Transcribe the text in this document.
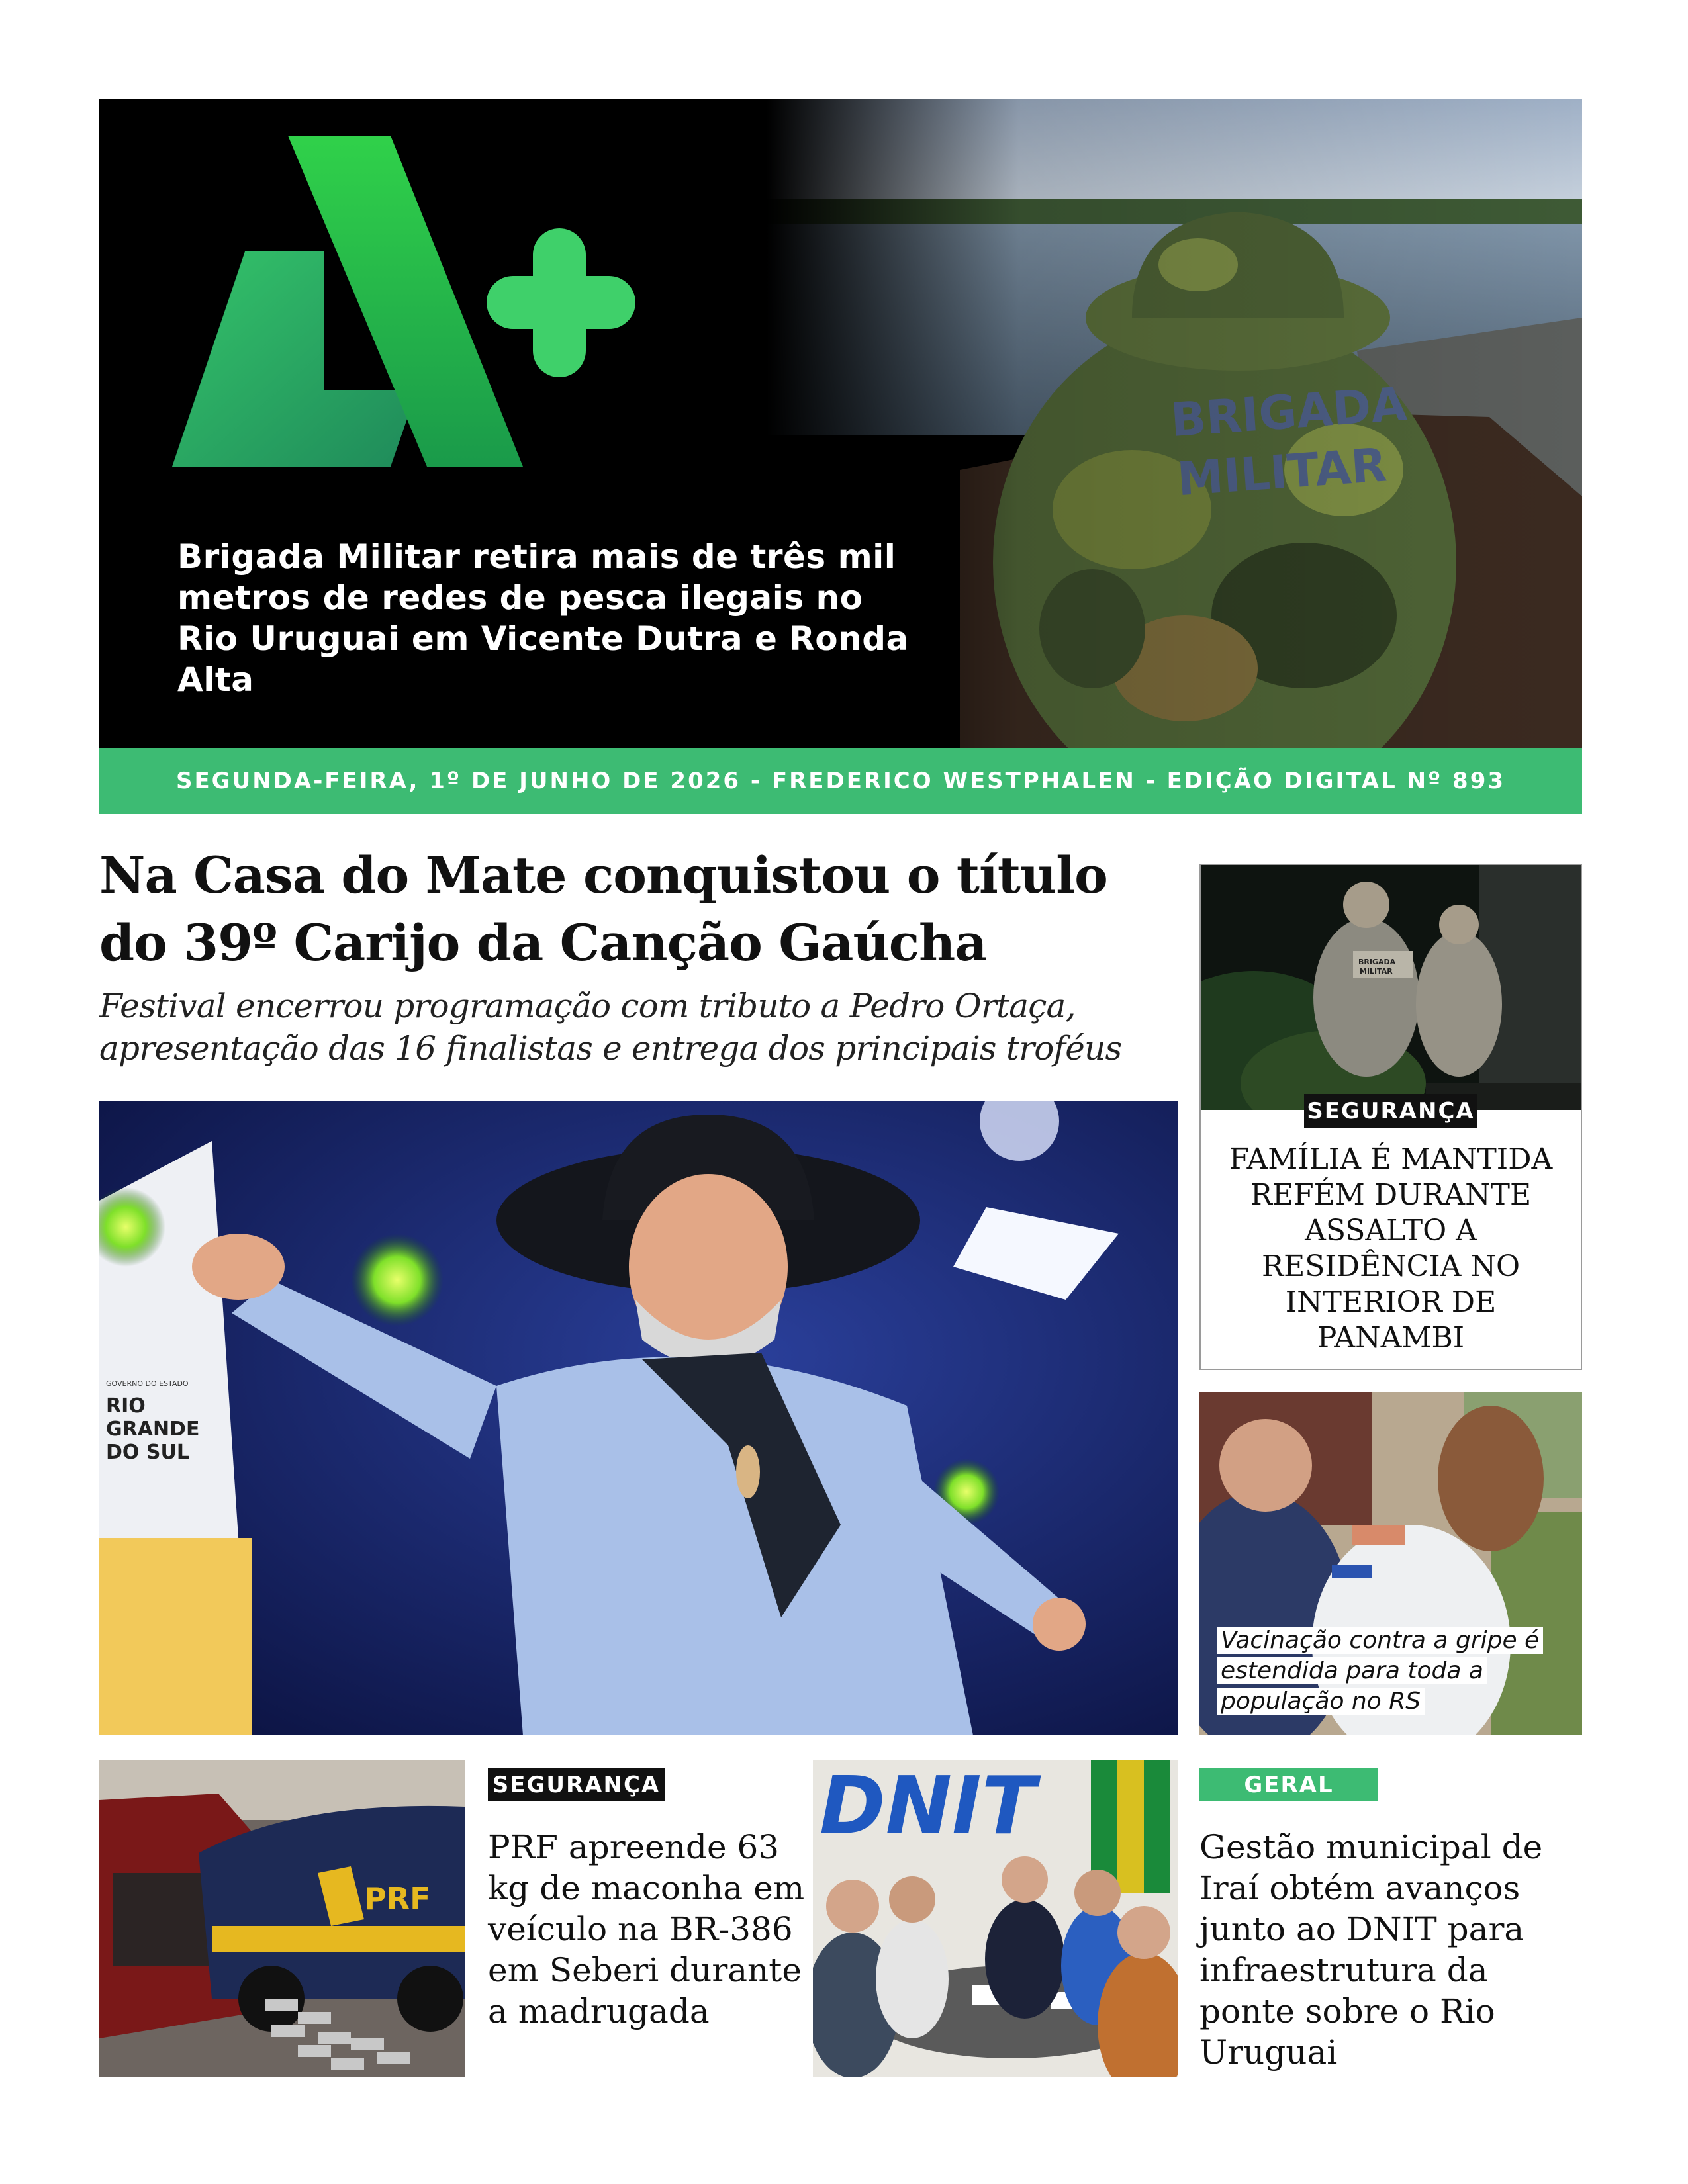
Brigada Militar retira mais de três mil metros de redes de pesca ilegais no Rio Uruguai em Vicente Dutra e Ronda Alta
SEGUNDA-FEIRA, 1º DE JUNHO DE 2026 - FREDERICO WESTPHALEN - EDIÇÃO DIGITAL Nº 893
Na Casa do Mate conquistou o título do 39º Carijo da Canção Gaúcha
Festival encerrou programação com tributo a Pedro Ortaça, apresentação das 16 finalistas e entrega dos principais troféus
GOVERNO DO ESTADO
RIO
GRANDE
DO SUL
BRIGADA
MILITAR
SEGURANÇA
FAMÍLIA É MANTIDA REFÉM DURANTE ASSALTO A RESIDÊNCIA NO INTERIOR DE PANAMBI
Vacinação contra a gripe é estendida para toda a população no RS
PRF
SEGURANÇA
PRF apreende 63 kg de maconha em veículo na BR-386 em Seberi durante a madrugada
DNIT	GERAL
Gestão municipal de Iraí obtém avanços junto ao DNIT para infraestrutura da ponte sobre o Rio Uruguai
